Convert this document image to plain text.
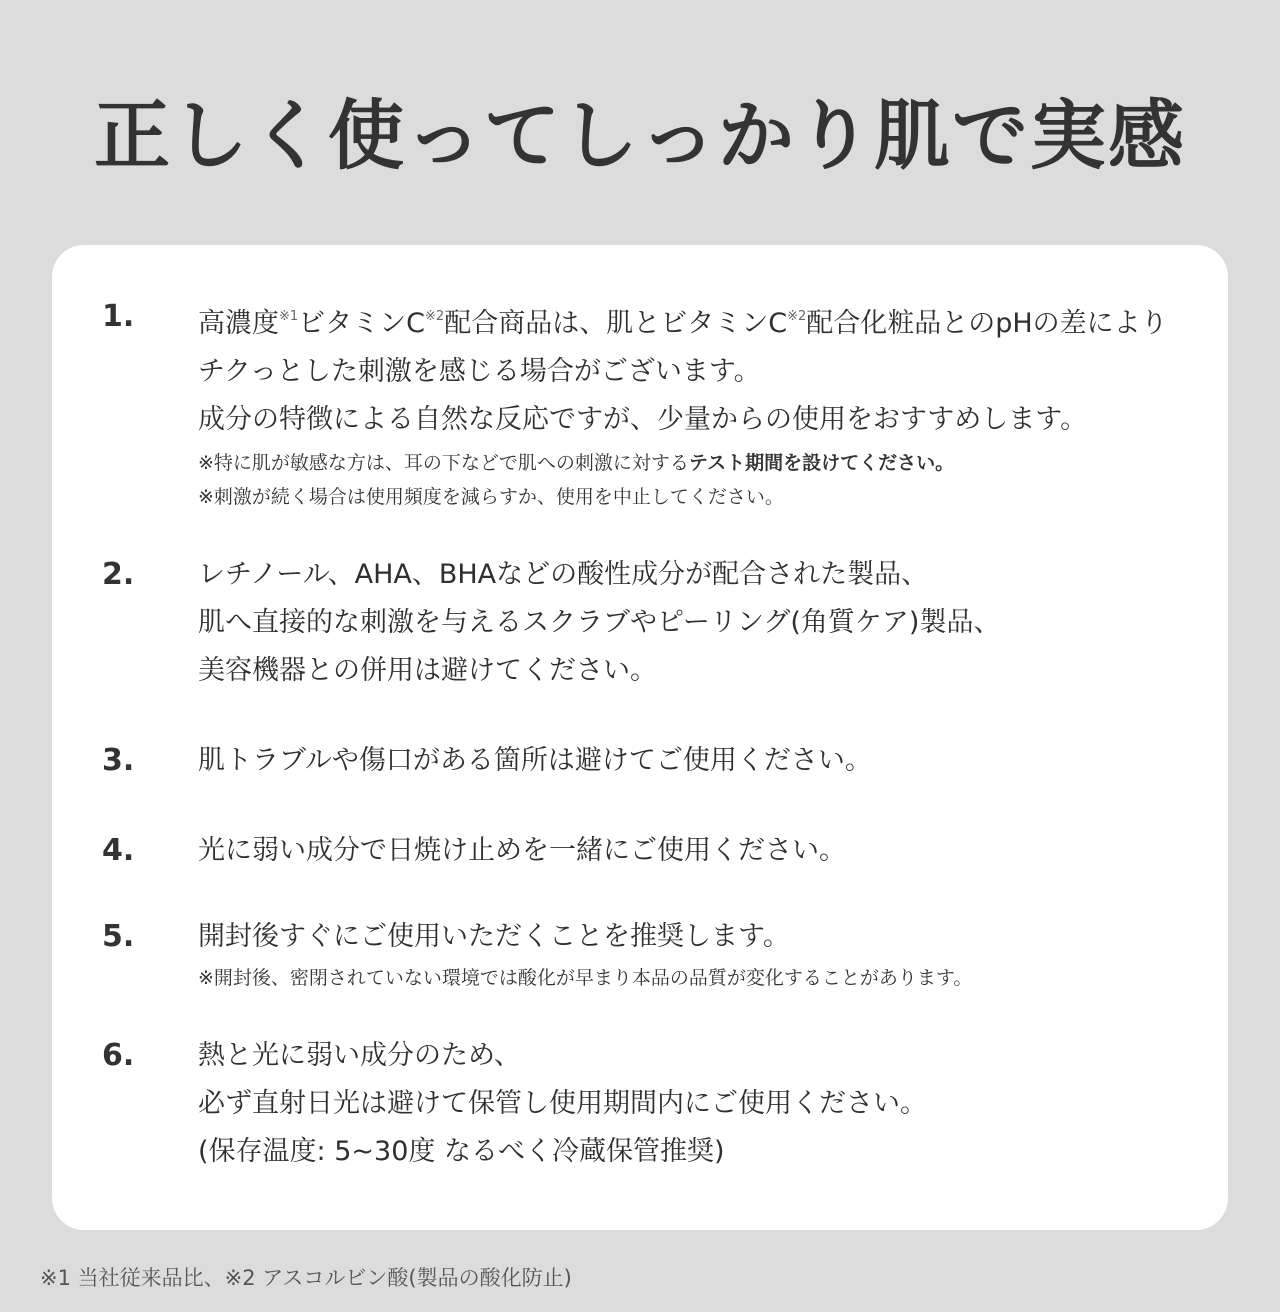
正しく使ってしっかり肌で実感
1. 高濃度$^{※1}$ビタミン$C^{※2}$配合商品は、肌とビタミン$C^{※2}$配合化粧品とのpHの差により
チクっとした刺激を感じる場合がございます。
成分の特徴による自然な反応ですが、少量からの使用をおすすめします。
※特に肌が敏感な方は、耳の下などで肌への刺激に対するテスト期間を設けてください。
※刺激が続く場合は使用頻度を減らすか、使用を中止してください。
2. レチノール、AHA、BHAなどの酸性成分が配合された製品、
肌へ直接的な刺激を与えるスクラブやピーリング(角質ケア)製品、
美容機器との併用は避けてください。
3. 肌トラブルや傷口がある箇所は避けてご使用ください。
4. 光に弱い成分で日焼け止めを一緒にご使用ください。
5. 開封後すぐにご使用いただくことを推奨します。
※開封後、密閉されていない環境では酸化が早まり本品の品質が変化することがあります。
6. 熱と光に弱い成分のため、
必ず直射日光は避けて保管し使用期間内にご使用ください。
(保存温度: 5~30度 なるべく冷蔵保管推奨)
※1 当社従来品比、※2 アスコルビン酸(製品の酸化防止)
